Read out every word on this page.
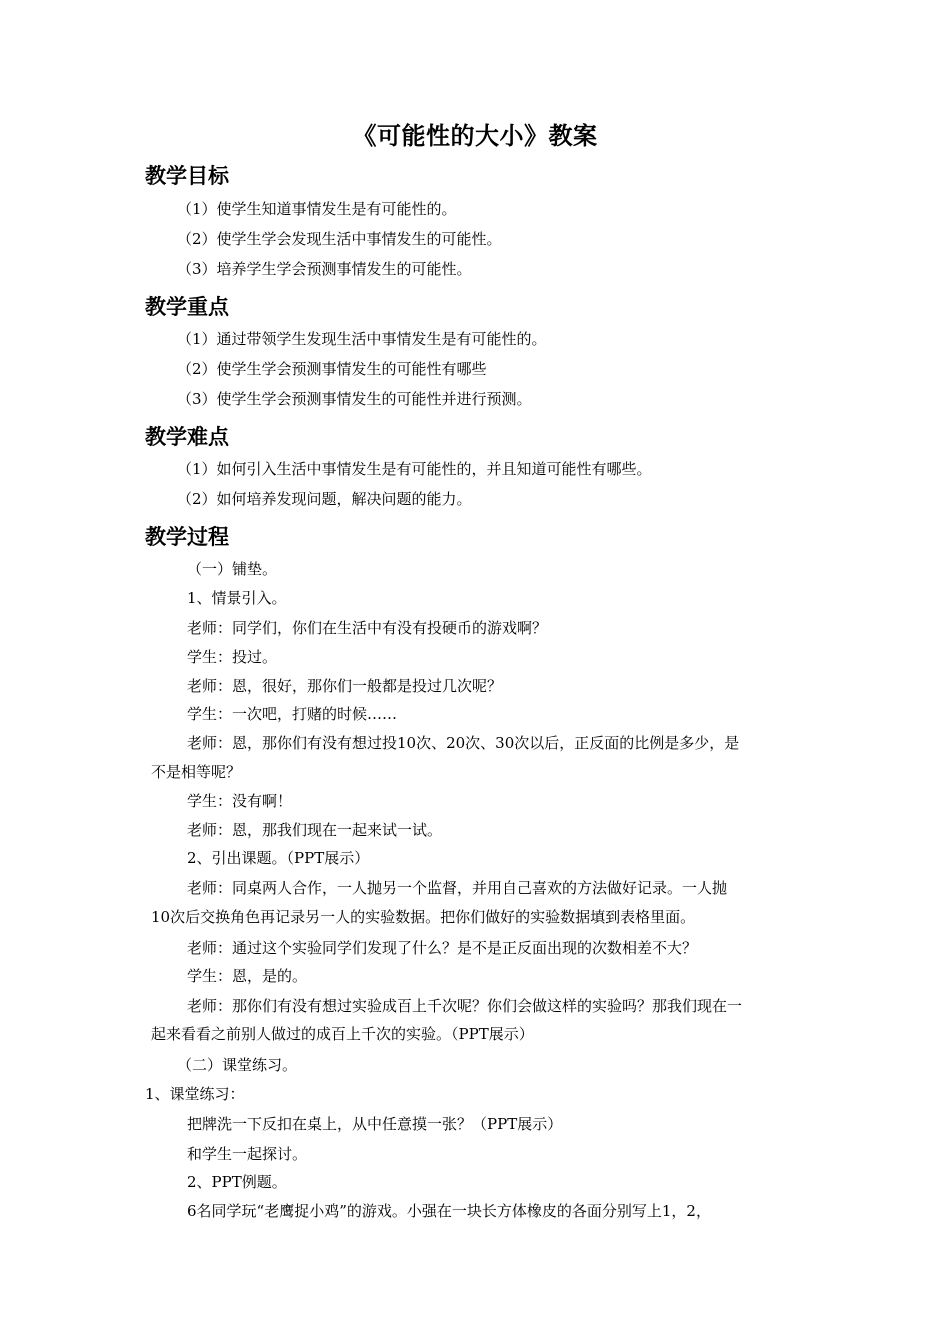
《可能性的大小》教案
教学目标
（1）使学生知道事情发生是有可能性的。
（2）使学生学会发现生活中事情发生的可能性。
（3）培养学生学会预测事情发生的可能性。
教学重点
（1）通过带领学生发现生活中事情发生是有可能性的。
（2）使学生学会预测事情发生的可能性有哪些
（3）使学生学会预测事情发生的可能性并进行预测。
教学难点
（1）如何引入生活中事情发生是有可能性的，并且知道可能性有哪些。
（2）如何培养发现问题，解决问题的能力。
教学过程
（一）铺垫。
1、情景引入。
老师：同学们，你们在生活中有没有投硬币的游戏啊？
学生：投过。
老师：恩，很好，那你们一般都是投过几次呢？
学生：一次吧，打赌的时候……
老师：恩，那你们有没有想过投10次、20次、30次以后，正反面的比例是多少，是
不是相等呢？
学生：没有啊！
老师：恩，那我们现在一起来试一试。
2、引出课题。（PPT展示）
老师：同桌两人合作，一人抛另一个监督，并用自己喜欢的方法做好记录。一人抛
10次后交换角色再记录另一人的实验数据。把你们做好的实验数据填到表格里面。
老师：通过这个实验同学们发现了什么？是不是正反面出现的次数相差不大？
学生：恩，是的。
老师：那你们有没有想过实验成百上千次呢？你们会做这样的实验吗？那我们现在一
起来看看之前别人做过的成百上千次的实验。（PPT展示）
（二）课堂练习。
1、课堂练习：
把牌洗一下反扣在桌上，从中任意摸一张？（PPT展示）
和学生一起探讨。
2、PPT例题。
6名同学玩“老鹰捉小鸡”的游戏。小强在一块长方体橡皮的各面分别写上1，2，
